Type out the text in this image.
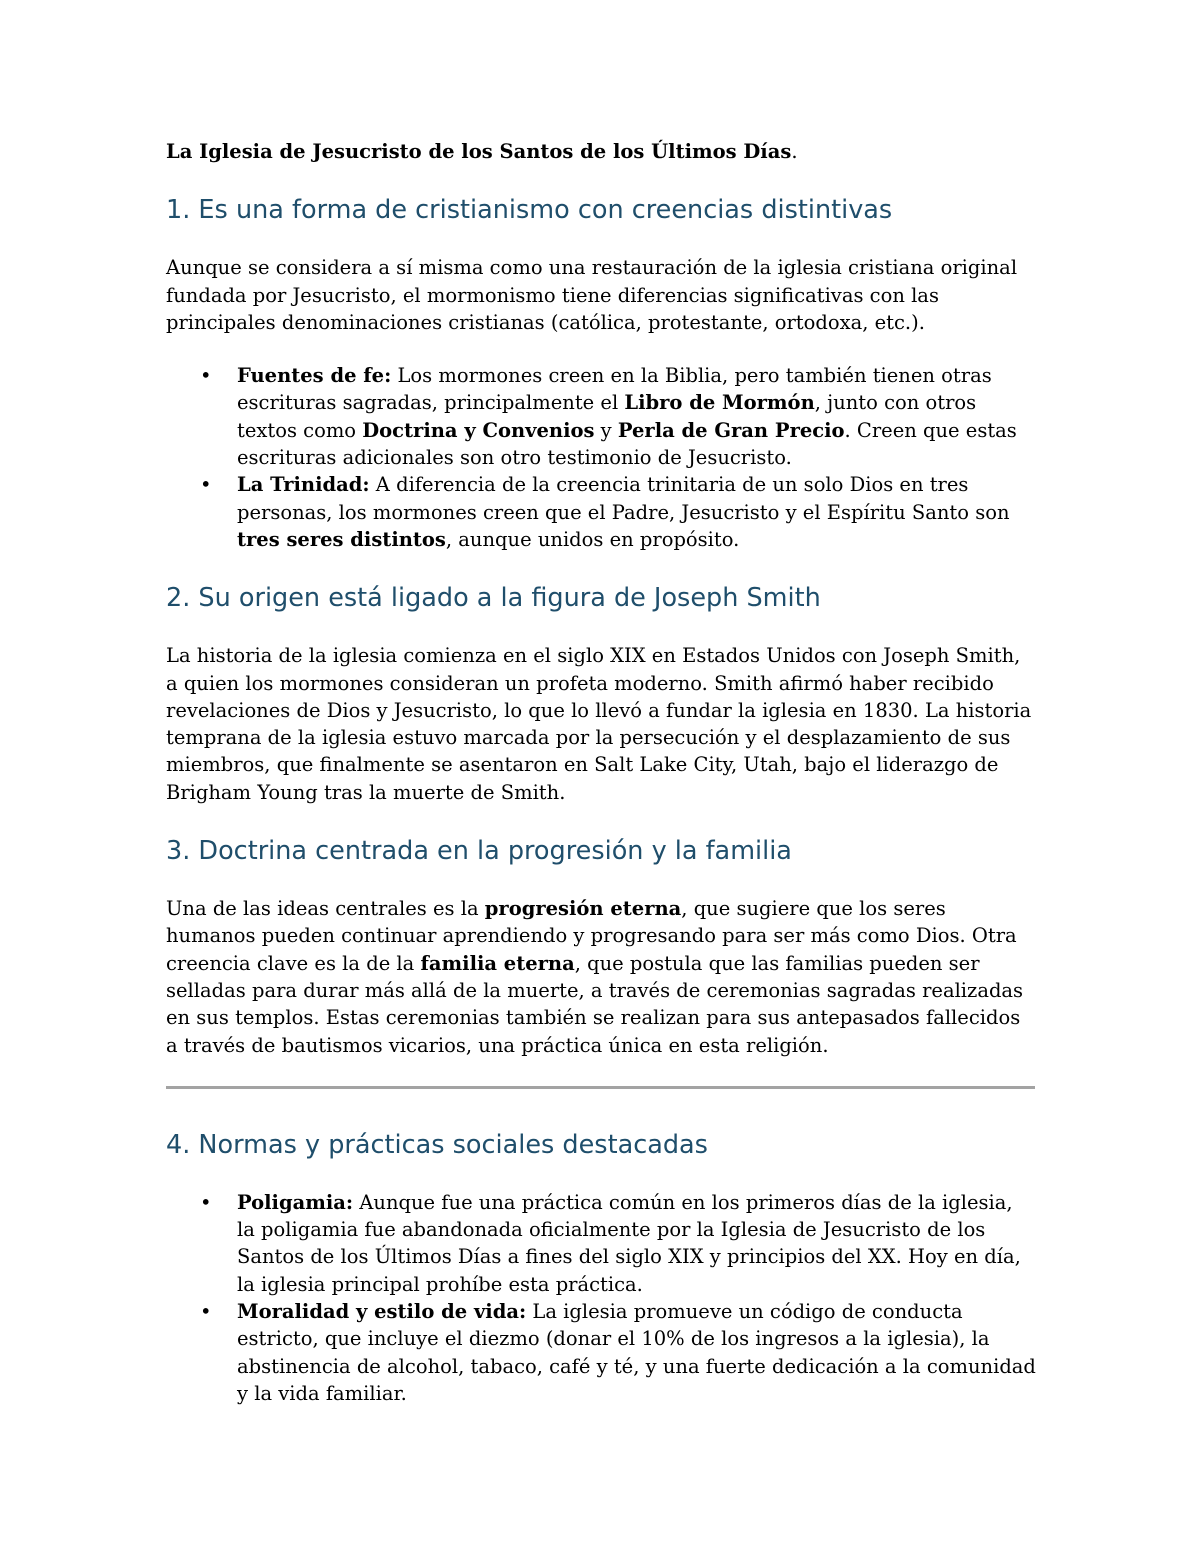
La Iglesia de Jesucristo de los Santos de los Últimos Días.

1. Es una forma de cristianismo con creencias distintivas

Aunque se considera a sí misma como una restauración de la iglesia cristiana original fundada por Jesucristo, el mormonismo tiene diferencias significativas con las principales denominaciones cristianas (católica, protestante, ortodoxa, etc.).

• Fuentes de fe: Los mormones creen en la Biblia, pero también tienen otras escrituras sagradas, principalmente el Libro de Mormón, junto con otros textos como Doctrina y Convenios y Perla de Gran Precio. Creen que estas escrituras adicionales son otro testimonio de Jesucristo.
• La Trinidad: A diferencia de la creencia trinitaria de un solo Dios en tres personas, los mormones creen que el Padre, Jesucristo y el Espíritu Santo son tres seres distintos, aunque unidos en propósito.
2. Su origen está ligado a la figura de Joseph Smith

La historia de la iglesia comienza en el siglo XIX en Estados Unidos con Joseph Smith, a quien los mormones consideran un profeta moderno. Smith afirmó haber recibido revelaciones de Dios y Jesucristo, lo que lo llevó a fundar la iglesia en 1830. La historia temprana de la iglesia estuvo marcada por la persecución y el desplazamiento de sus miembros, que finalmente se asentaron en Salt Lake City, Utah, bajo el liderazgo de Brigham Young tras la muerte de Smith.

3. Doctrina centrada en la progresión y la familia

Una de las ideas centrales es la progresión eterna, que sugiere que los seres humanos pueden continuar aprendiendo y progresando para ser más como Dios. Otra creencia clave es la de la familia eterna, que postula que las familias pueden ser selladas para durar más allá de la muerte, a través de ceremonias sagradas realizadas en sus templos. Estas ceremonias también se realizan para sus antepasados fallecidos a través de bautismos vicarios, una práctica única en esta religión.

4. Normas y prácticas sociales destacadas
• Poligamia: Aunque fue una práctica común en los primeros días de la iglesia, la poligamia fue abandonada oficialmente por la Iglesia de Jesucristo de los Santos de los Últimos Días a fines del siglo XIX y principios del XX. Hoy en día, la iglesia principal prohíbe esta práctica.
• Moralidad y estilo de vida: La iglesia promueve un código de conducta estricto, que incluye el diezmo (donar el 10% de los ingresos a la iglesia), la abstinencia de alcohol, tabaco, café y té, y una fuerte dedicación a la comunidad y la vida familiar.
